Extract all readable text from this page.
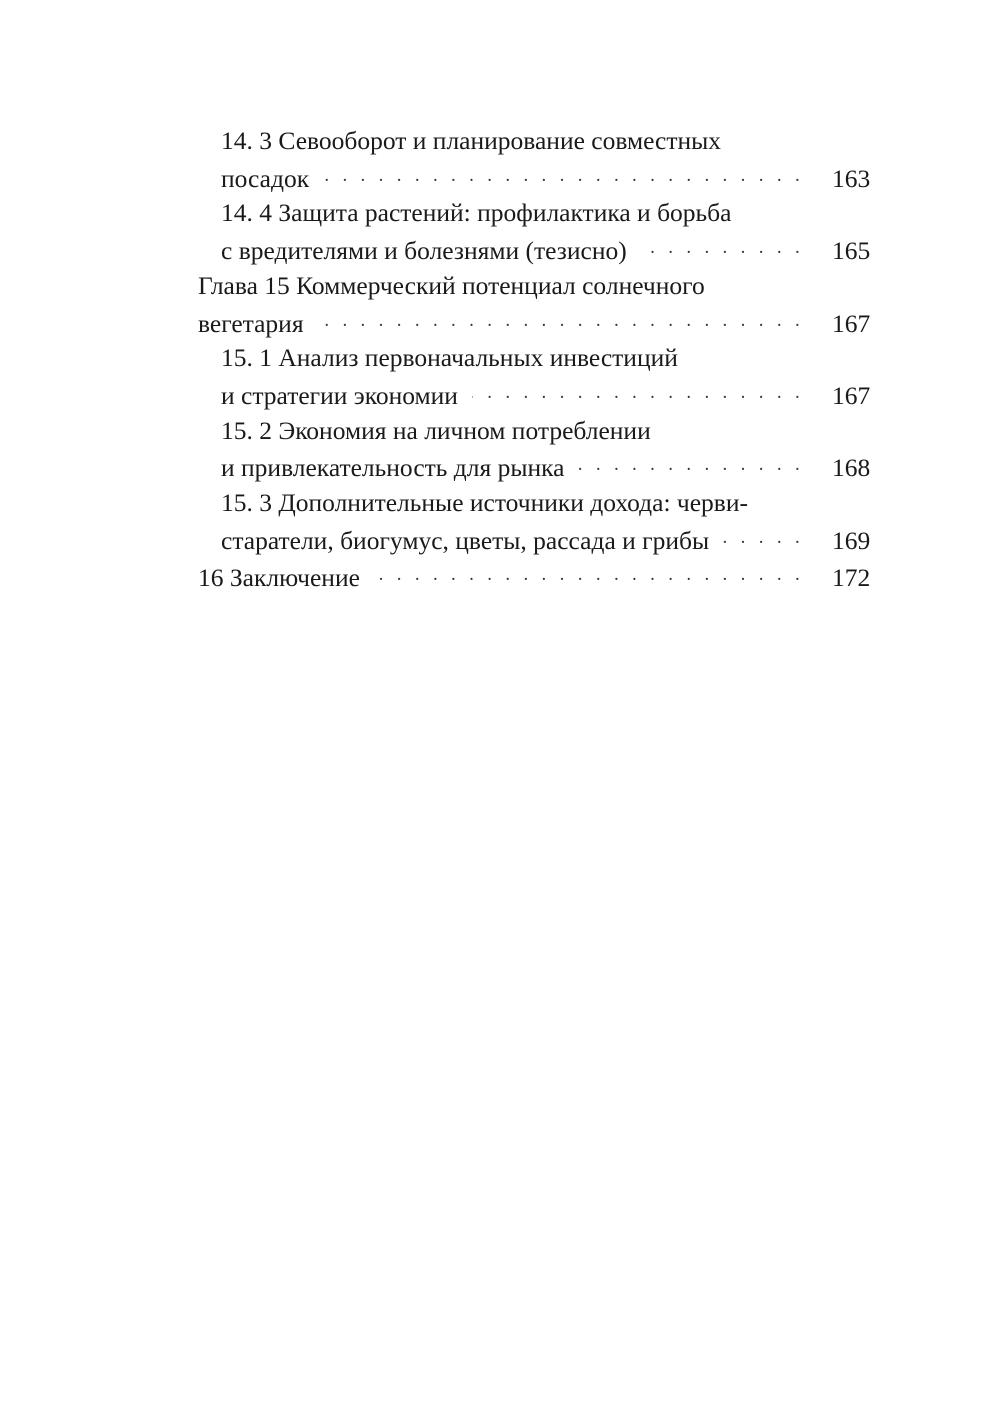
14. 3 Севооборот и планирование совместных
посадок . . .	163
14. 4 Защита растений: профилактика и борьба
с вредителями и болезнями (тезисно) . . .	165
Глава 15 Коммерческий потенциал солнечного
вегетария . . .	167
15. 1 Анализ первоначальных инвестиций
и стратегии экономии . . .	167
15. 2 Экономия на личном потреблении
и привлекательность для рынка . . .	168
15. 3 Дополнительные источники дохода: черви-
старатели, биогумус, цветы, рассада и грибы . . .	169
16 Заключение . . .	172
